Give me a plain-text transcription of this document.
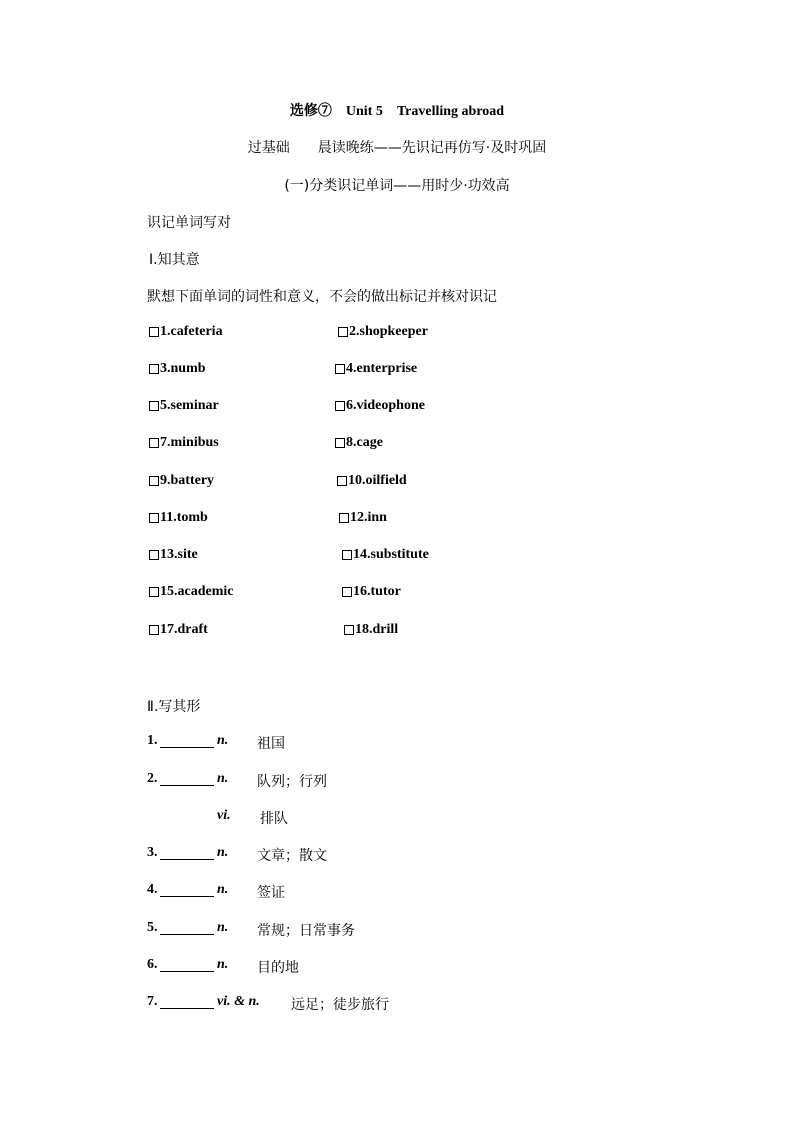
选修⑦　Unit 5　Travelling abroad
过基础　　晨读晚练——先识记再仿写·及时巩固
(一)分类识记单词——用时少·功效高
识记单词写对
Ⅰ.知其意
默想下面单词的词性和意义，不会的做出标记并核对识记
1.cafeteria	2.shopkeeper
3.numb	4.enterprise
5.seminar	6.videophone
7.minibus	8.cage
9.battery	10.oilfield
11.tomb	12.inn
13.site	14.substitute
15.academic	16.tutor
17.draft	18.drill
Ⅱ.写其形
1.	n. 祖国
2.	n. 队列；行列
vi. 排队
3.	n. 文章；散文
4.	n. 签证
5.	n. 常规；日常事务
6.	n. 目的地
7.	vi. & n. 远足；徒步旅行
